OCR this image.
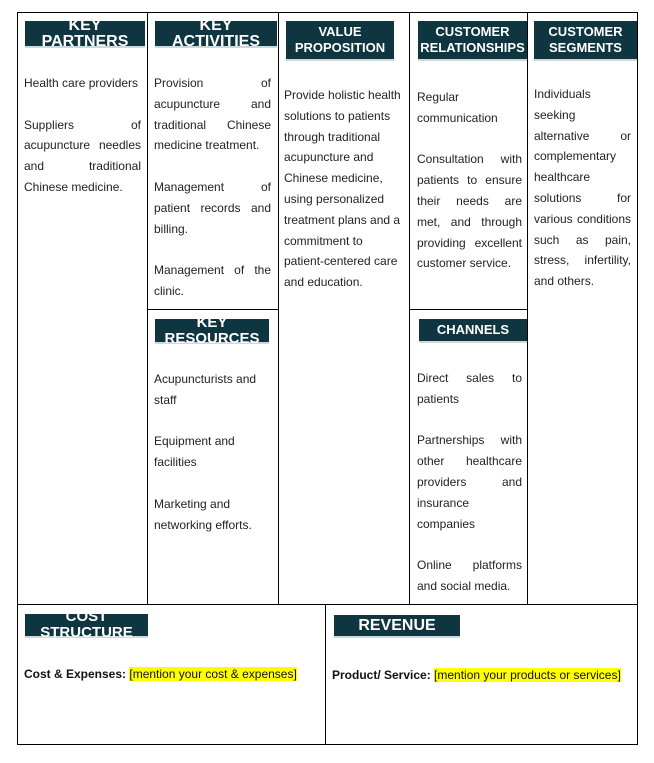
KEY PARTNERS

Health care providers

Suppliers of acupuncture needles and traditional Chinese medicine.

KEY ACTIVITIES

Provision of acupuncture and traditional Chinese medicine treatment.

Management of patient records and billing.

Management of the clinic.

KEY RESOURCES

Acupuncturists and staff

Equipment and facilities

Marketing and networking efforts.

VALUE
PROPOSITION

Provide holistic health solutions to patients through traditional acupuncture and Chinese medicine, using personalized treatment plans and a commitment to patient-centered care and education.

CUSTOMER
RELATIONSHIPS

Regular communication

Consultation with patients to ensure their needs are met, and through providing excellent customer service.

CHANNELS

Direct sales to patients

Partnerships with other healthcare providers and insurance companies

Online platforms and social media.

CUSTOMER
SEGMENTS

Individuals seeking alternative or complementary healthcare solutions for various conditions such as pain, stress, infertility, and others.

COST STRUCTURE
Cost & Expenses: [mention your cost & expenses]
REVENUE
Product/ Service: [mention your products or services]
